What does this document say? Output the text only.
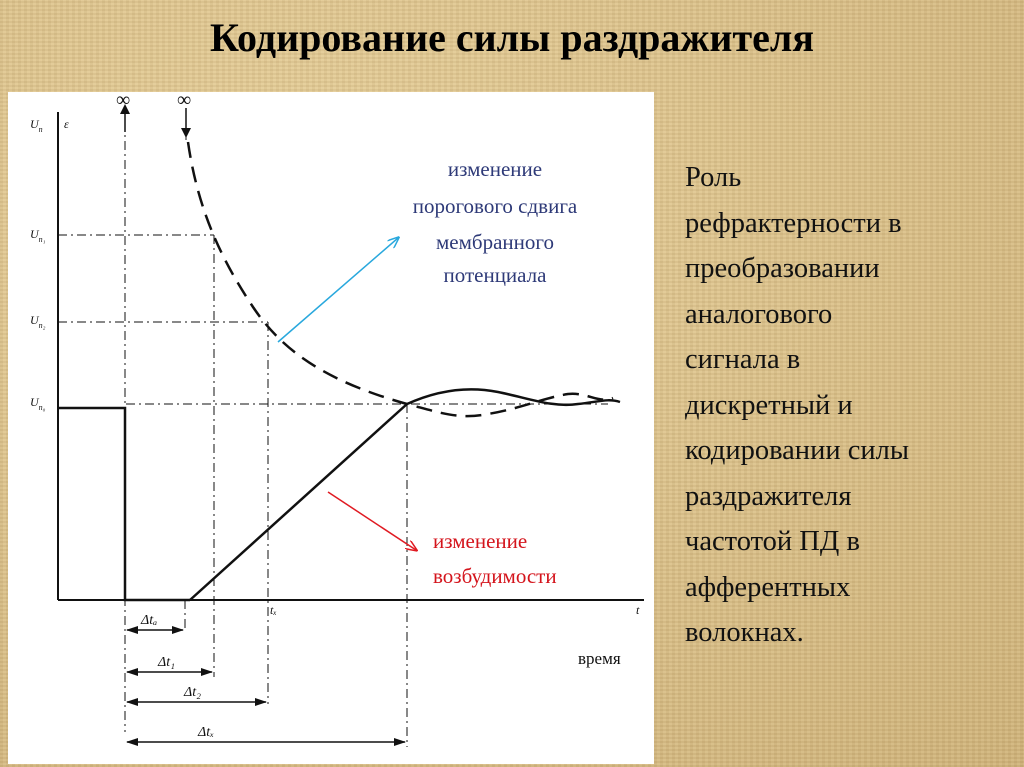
Кодирование силы раздражителя
$U_п$ ε
t
$U_{п_1}$
$U_{п_2}$
$U_{п_0}$
∞ ∞
изменение
порогового сдвига
мембранного
потенциала
изменение
возбудимости
tₓ
Δtₐ
Δt₁
Δt₂
Δtₓ
время
Роль
рефрактерности в
преобразовании
аналогового
сигнала в
дискретный и
кодировании силы
раздражителя
частотой ПД в
афферентных
волокнах.
